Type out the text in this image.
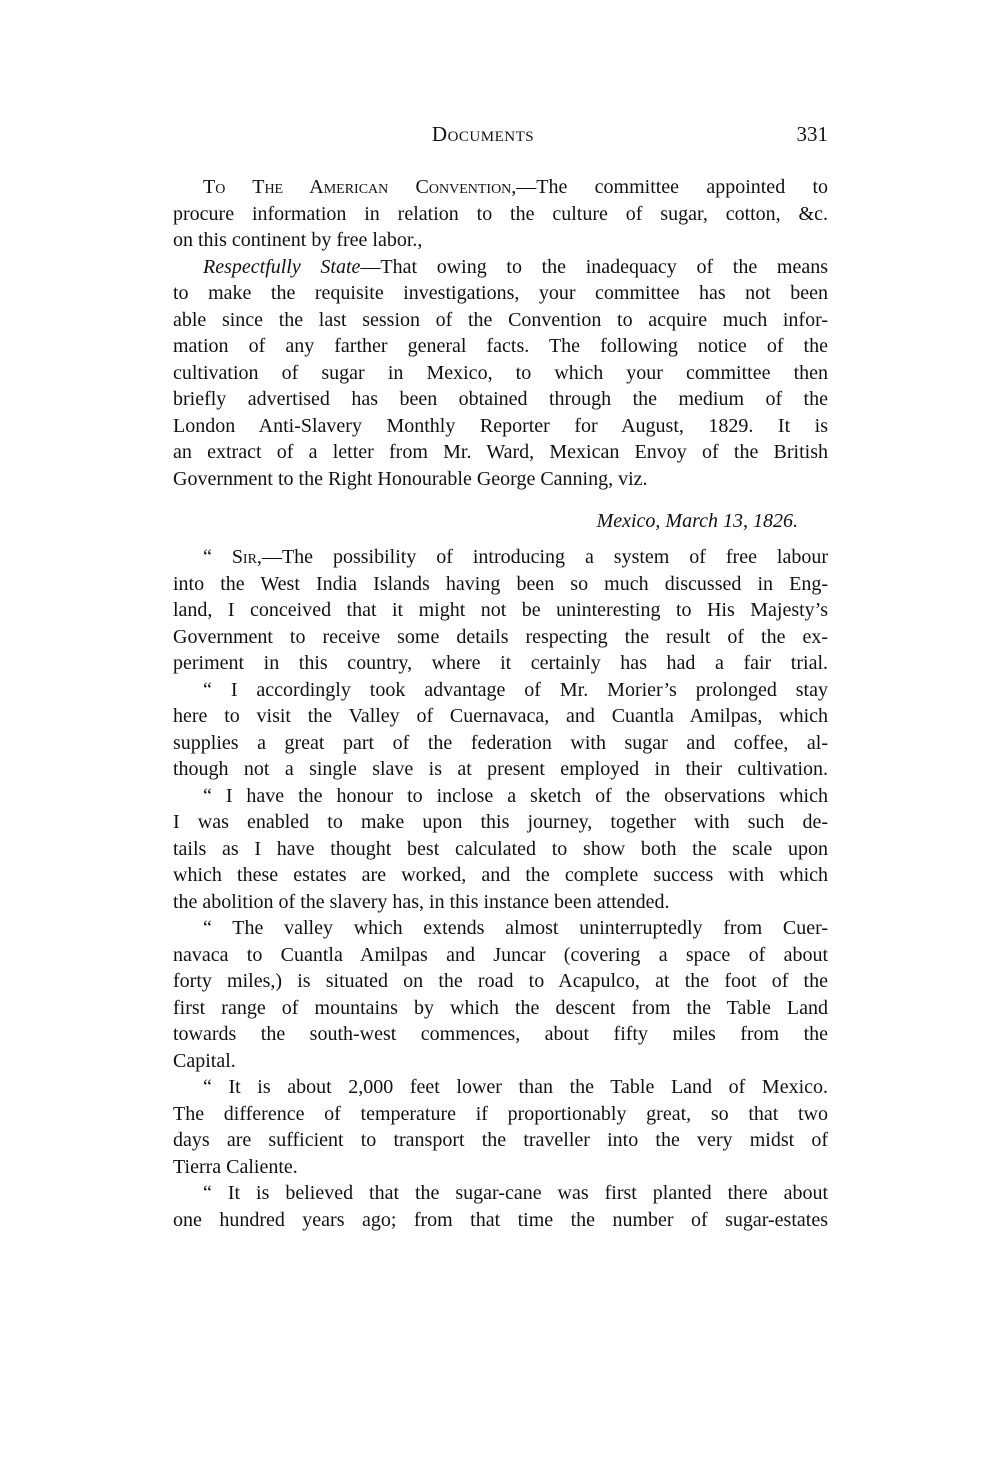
Documents	331
To The American Convention,—The committee appointed to
procure information in relation to the culture of sugar, cotton, &c.
on this continent by free labor.,
Respectfully State—That owing to the inadequacy of the means
to make the requisite investigations, your committee has not been
able since the last session of the Convention to acquire much infor-
mation of any farther general facts. The following notice of the
cultivation of sugar in Mexico, to which your committee then
briefly advertised has been obtained through the medium of the
London Anti-Slavery Monthly Reporter for August, 1829. It is
an extract of a letter from Mr. Ward, Mexican Envoy of the British
Government to the Right Honourable George Canning, viz.
Mexico, March 13, 1826.
“ Sir,—The possibility of introducing a system of free labour
into the West India Islands having been so much discussed in Eng-
land, I conceived that it might not be uninteresting to His Majesty’s
Government to receive some details respecting the result of the ex-
periment in this country, where it certainly has had a fair trial.
“ I accordingly took advantage of Mr. Morier’s prolonged stay
here to visit the Valley of Cuernavaca, and Cuantla Amilpas, which
supplies a great part of the federation with sugar and coffee, al-
though not a single slave is at present employed in their cultivation.
“ I have the honour to inclose a sketch of the observations which
I was enabled to make upon this journey, together with such de-
tails as I have thought best calculated to show both the scale upon
which these estates are worked, and the complete success with which
the abolition of the slavery has, in this instance been attended.
“ The valley which extends almost uninterruptedly from Cuer-
navaca to Cuantla Amilpas and Juncar (covering a space of about
forty miles,) is situated on the road to Acapulco, at the foot of the
first range of mountains by which the descent from the Table Land
towards the south-west commences, about fifty miles from the
Capital.
“ It is about 2,000 feet lower than the Table Land of Mexico.
The difference of temperature if proportionably great, so that two
days are sufficient to transport the traveller into the very midst of
Tierra Caliente.
“ It is believed that the sugar-cane was first planted there about
one hundred years ago; from that time the number of sugar-estates
